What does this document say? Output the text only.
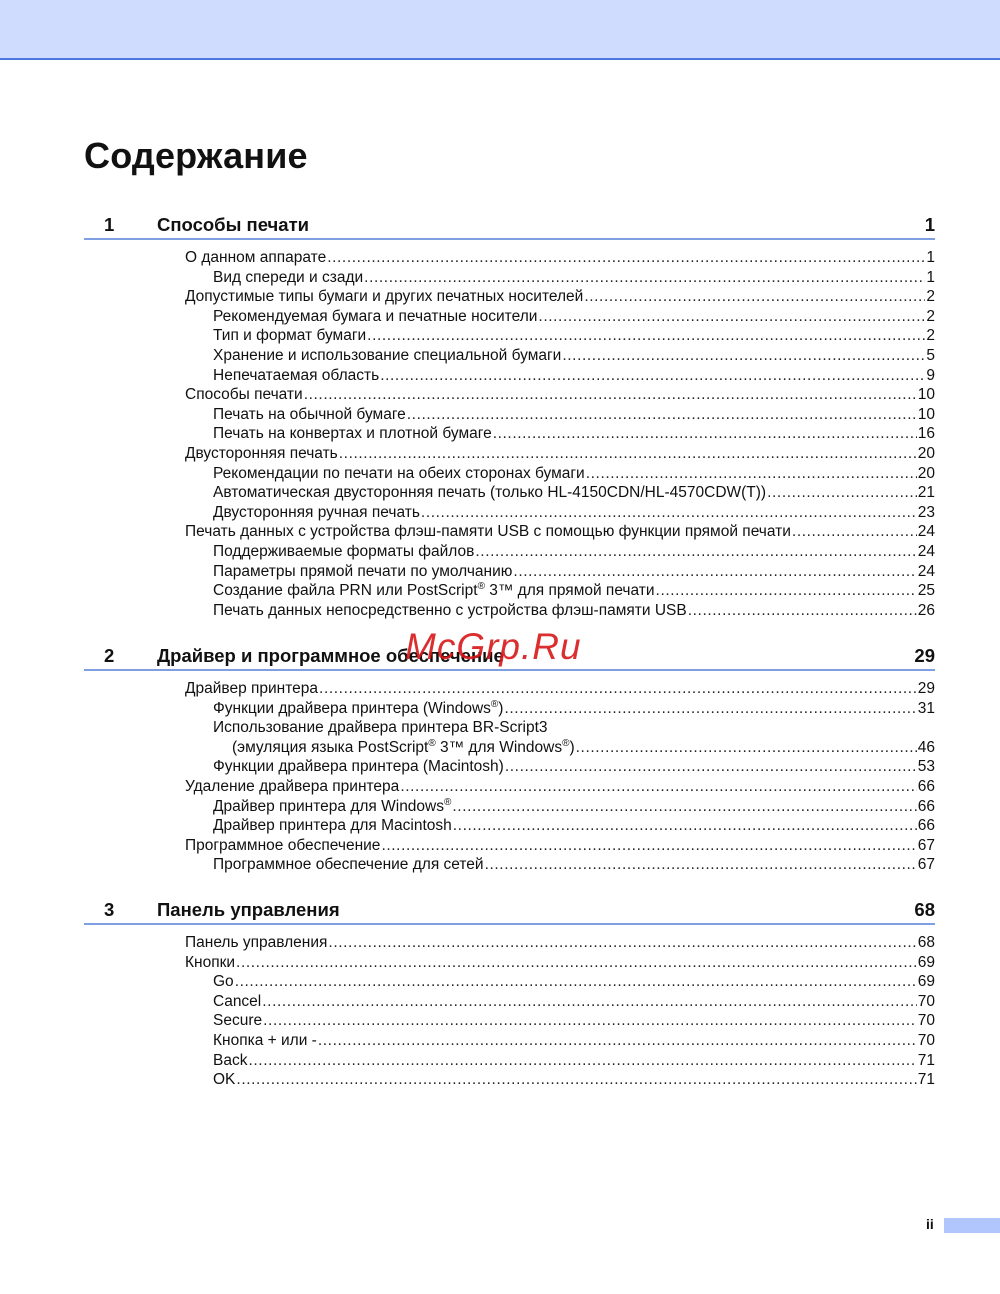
Содержание
1 Способы печати	1
О данном аппарате .....	1
Вид спереди и сзади .....	1
Допустимые типы бумаги и других печатных носителей .....	2
Рекомендуемая бумага и печатные носители .....	2
Тип и формат бумаги .....	2
Хранение и использование специальной бумаги .....	5
Непечатаемая область .....	9
Способы печати .....	10
Печать на обычной бумаге .....	10
Печать на конвертах и плотной бумаге .....	16
Двусторонняя печать .....	20
Рекомендации по печати на обеих сторонах бумаги .....	20
Автоматическая двусторонняя печать (только HL-4150CDN/HL-4570CDW(T)) .....	21
Двусторонняя ручная печать .....	23
Печать данных с устройства флэш-памяти USB с помощью функции прямой печати .....	24
Поддерживаемые форматы файлов .....	24
Параметры прямой печати по умолчанию .....	24
Создание файла PRN или PostScript® 3™ для прямой печати .....	25
Печать данных непосредственно с устройства флэш-памяти USB .....	26
2 Драйвер и программное обеспечение	29
Драйвер принтера .....	29
Функции драйвера принтера (Windows®) .....	31
Использование драйвера принтера BR-Script3
(эмуляция языка PostScript® 3™ для Windows®) .....	46
Функции драйвера принтера (Macintosh) .....	53
Удаление драйвера принтера .....	66
Драйвер принтера для Windows® .....	66
Драйвер принтера для Macintosh .....	66
Программное обеспечение .....	67
Программное обеспечение для сетей .....	67
3 Панель управления	68
Панель управления .....	68
Кнопки .....	69
Go .....	69
Cancel .....	70
Secure .....	70
Кнопка + или - .....	70
Back .....	71
OK .....	71
McGrp.Ru
ii
